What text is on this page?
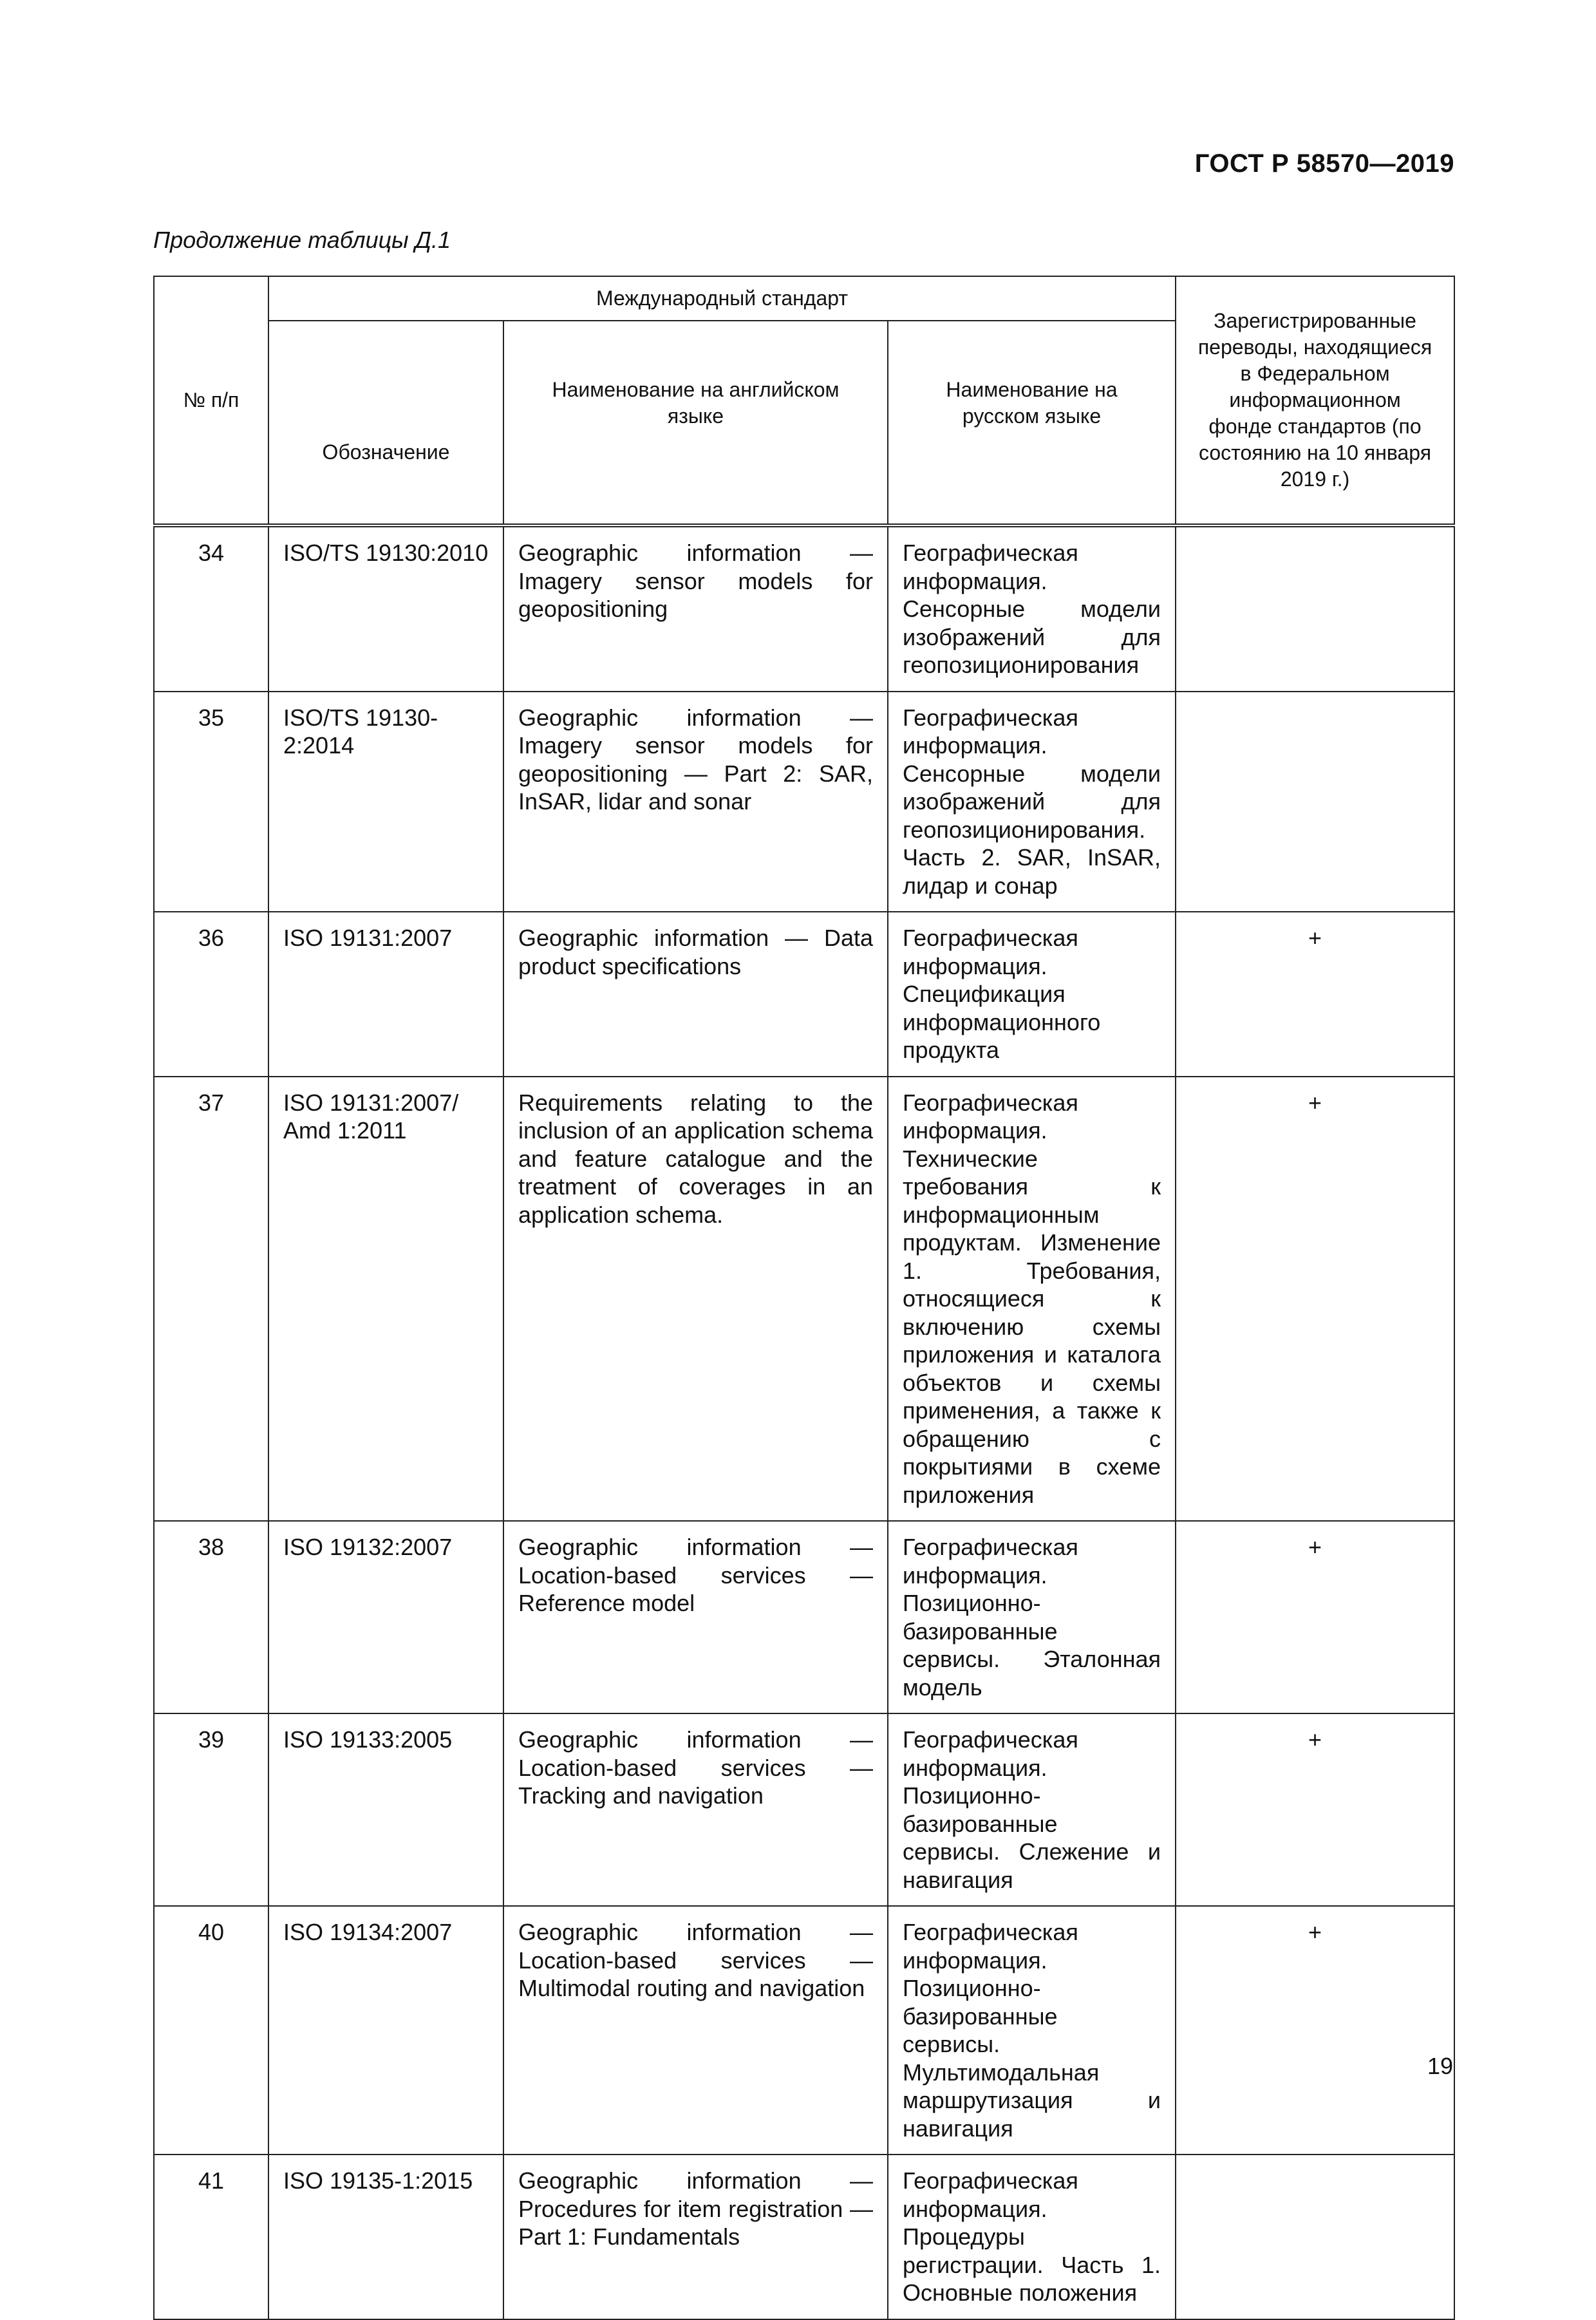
ГОСТ Р 58570—2019
Продолжение таблицы Д.1
№ п/п	Международный стандарт			Зарегистрированные переводы, находящиеся в Федеральном информационном фонде стандартов (по состоянию на 10 января 2019 г.)
	Обозначение	Наименование на английском языке	Наименование на русском языке	
34	ISO/TS 19130:2010	Geographic information — Imagery sensor models for geopositioning	Географическая информация. Сенсорные модели изображений для геопозиционирования	
35	ISO/TS 19130-2:2014	Geographic information — Imagery sensor models for geopositioning — Part 2: SAR, InSAR, lidar and sonar	Географическая информация. Сенсорные модели изображений для геопозиционирования. Часть 2. SAR, InSAR, лидар и сонар	
36	ISO 19131:2007	Geographic information — Data product specifications	Географическая информация. Спецификация информационного продукта	+
37	ISO 19131:2007/ Amd 1:2011	Requirements relating to the inclusion of an application schema and feature catalogue and the treatment of coverages in an application schema.	Географическая информация. Технические требования к информационным продуктам. Изменение 1. Требования, относящиеся к включению схемы приложения и каталога объектов и схемы применения, а также к обращению с покрытиями в схеме приложения	+
38	ISO 19132:2007	Geographic information — Location-based services — Reference model	Географическая информация. Позиционно-базированные сервисы. Эталонная модель	+
39	ISO 19133:2005	Geographic information — Location-based services — Tracking and navigation	Географическая информация. Позиционно-базированные сервисы. Слежение и навигация	+
40	ISO 19134:2007	Geographic information — Location-based services — Multimodal routing and navigation	Географическая информация. Позиционно-базированные сервисы. Мультимодальная маршрутизация и навигация	+
41	ISO 19135-1:2015	Geographic information — Procedures for item registration — Part 1: Fundamentals	Географическая информация. Процедуры регистрации. Часть 1. Основные положения	
19
